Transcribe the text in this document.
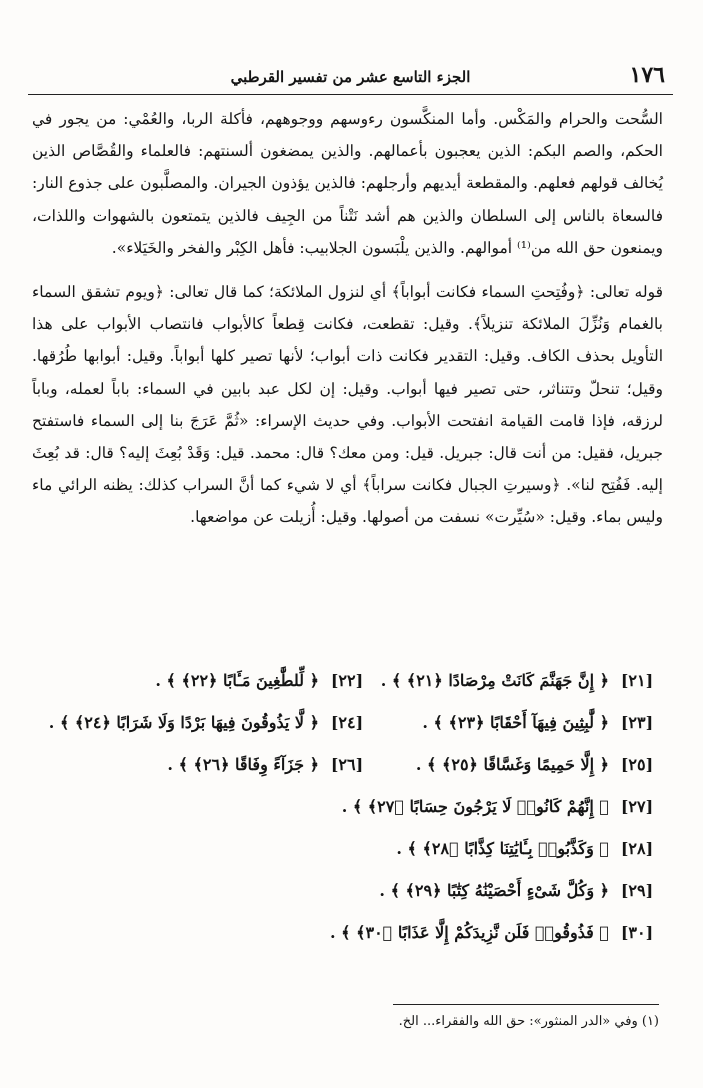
١٧٦
الجزء التاسع عشر من تفسير القرطبي

السُّحت والحرام والمَكْس. وأما المنكَّسون رءوسهم ووجوههم، فأكلة الربا، والعُمْي: من يجور في الحكم، والصم البكم: الذين يعجبون بأعمالهم. والذين يمضغون ألسنتهم: فالعلماء والقُصَّاص الذين يُخالف قولهم فعلهم. والمقطعة أيديهم وأرجلهم: فالذين يؤذون الجيران. والمصلَّبون على جذوع النار: فالسعاة بالناس إلى السلطان والذين هم أشد نَتْناً من الجِيف فالذين يتمتعون بالشهوات واللذات، ويمنعون حق الله من⁽¹⁾ أموالهم. والذين يلْبَسون الجلابيب: فأهل الكِبْر والفخر والخَيَلاء».

قوله تعالى: ﴿وفُتِحتِ السماء فكانت أبواباً﴾ أي لنزول الملائكة؛ كما قال تعالى: ﴿ويوم تشقق السماء بالغمام وَنُزِّلَ الملائكة تنزيلاً﴾. وقيل: تقطعت، فكانت قِطعاً كالأبواب فانتصاب الأبواب على هذا التأويل بحذف الكاف. وقيل: التقدير فكانت ذات أبواب؛ لأنها تصير كلها أبواباً. وقيل: أبوابها طُرُقها. وقيل؛ تنحلّ وتتناثر، حتى تصير فيها أبواب. وقيل: إن لكل عبد بابين في السماء: باباً لعمله، وباباً لرزقه، فإذا قامت القيامة انفتحت الأبواب. وفي حديث الإسراء: «ثُمَّ عَرَجَ بنا إلى السماء فاستفتح جبريل، فقيل: من أنت قال: جبريل. قيل: ومن معك؟ قال: محمد. قيل: وَقَدْ بُعِثَ إليه؟ قال: قد بُعِثَ إليه. فَفُتِح لنا». ﴿وسيرتِ الجبال فكانت سراباً﴾ أي لا شيء كما أنَّ السراب كذلك: يظنه الرائي ماء وليس بماء. وقيل: «سُيِّرت» نسفت من أصولها. وقيل: أُزيلت عن مواضعها.

[٢١]
﴿ إِنَّ جَهَنَّمَ كَانَتْ مِرْصَادًا ﴿٢١﴾ ﴾ .
[٢٢]
﴿ لِّلطَّٰغِينَ مَـَٔابًا ﴿٢٢﴾ ﴾ .
[٢٣]
﴿ لَّٰبِثِينَ فِيهَآ أَحْقَابًا ﴿٢٣﴾ ﴾ .
[٢٤]
﴿ لَّا يَذُوقُونَ فِيهَا بَرْدًا وَلَا شَرَابًا ﴿٢٤﴾ ﴾ .
[٢٥]
﴿ إِلَّا حَمِيمًا وَغَسَّاقًا ﴿٢٥﴾ ﴾ .
[٢٦]
﴿ جَزَآءً وِفَاقًا ﴿٢٦﴾ ﴾ .
[٢٧]
﴿ إِنَّهُمْ كَانُوا۟ لَا يَرْجُونَ حِسَابًا ﴿٢٧﴾ ﴾ .
[٢٨]
﴿ وَكَذَّبُوا۟ بِـَٔايَٰتِنَا كِذَّابًا ﴿٢٨﴾ ﴾ .
[٢٩]
﴿ وَكُلَّ شَىْءٍ أَحْصَيْنَٰهُ كِتَٰبًا ﴿٢٩﴾ ﴾ .
[٣٠]
﴿ فَذُوقُوا۟ فَلَن نَّزِيدَكُمْ إِلَّا عَذَابًا ﴿٣٠﴾ ﴾ .
(١) وفي «الدر المنثور»: حق الله والفقراء... الخ.
